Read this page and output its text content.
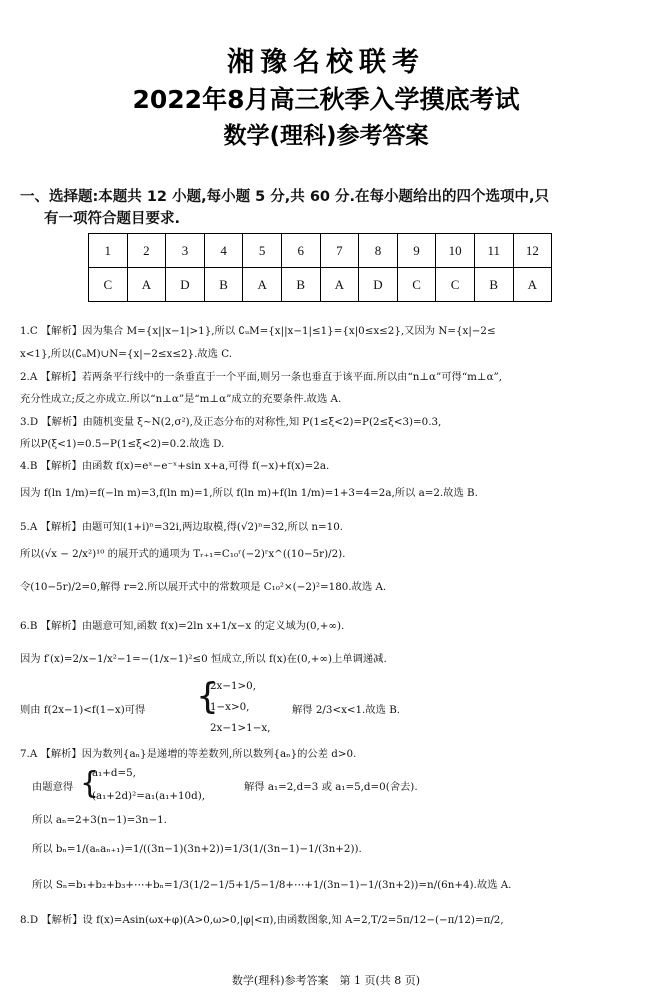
湘豫名校联考
2022年8月高三秋季入学摸底考试
数学(理科)参考答案
一、选择题:本题共 12 小题,每小题 5 分,共 60 分.在每小题给出的四个选项中,只
有一项符合题目要求.
1	2	3	4	5	6	7	8	9	10	11	12
C	A	D	B	A	B	A	D	C	C	B	A
1.C 【解析】因为集合 M={x||x−1|>1},所以 ∁ᵤM={x||x−1|≤1}={x|0≤x≤2},又因为 N={x|−2≤
x<1},所以(∁ᵤM)∪N={x|−2≤x≤2}.故选 C.
2.A 【解析】若两条平行线中的一条垂直于一个平面,则另一条也垂直于该平面.所以由“n⊥α”可得“m⊥α”,
充分性成立;反之亦成立.所以“n⊥α”是“m⊥α”成立的充要条件.故选 A.
3.D 【解析】由随机变量 ξ∼N(2,σ²),及正态分布的对称性,知 P(1≤ξ<2)=P(2≤ξ<3)=0.3,
所以P(ξ<1)=0.5−P(1≤ξ<2)=0.2.故选 D.
4.B 【解析】由函数 f(x)=eˣ−e⁻ˣ+sin x+a,可得 f(−x)+f(x)=2a.
因为 f(ln 1/m)=f(−ln m)=3,f(ln m)=1,所以 f(ln m)+f(ln 1/m)=1+3=4=2a,所以 a=2.故选 B.
5.A 【解析】由题可知(1+i)ⁿ=32i,两边取模,得(√2)ⁿ=32,所以 n=10.
所以(√x − 2/x²)¹⁰ 的展开式的通项为 Tᵣ₊₁=C₁₀ʳ(−2)ʳx^((10−5r)/2).
令(10−5r)/2=0,解得 r=2.所以展开式中的常数项是 C₁₀²×(−2)²=180.故选 A.
6.B 【解析】由题意可知,函数 f(x)=2ln x+1/x−x 的定义域为(0,+∞).
因为 f′(x)=2/x−1/x²−1=−(1/x−1)²≤0 恒成立,所以 f(x)在(0,+∞)上单调递减.
则由 f(2x−1)<f(1−x)可得	{
2x−1>0,
1−x>0,
2x−1>1−x,
解得 2/3<x<1.故选 B.
7.A 【解析】因为数列{aₙ}是递增的等差数列,所以数列{aₙ}的公差 d>0.
由题意得 {
a₁+d=5,
(a₁+2d)²=a₁(a₁+10d),
解得 a₁=2,d=3 或 a₁=5,d=0(舍去).
所以 aₙ=2+3(n−1)=3n−1.
所以 bₙ=1/(aₙaₙ₊₁)=1/((3n−1)(3n+2))=1/3(1/(3n−1)−1/(3n+2)).
所以 Sₙ=b₁+b₂+b₃+⋯+bₙ=1/3(1/2−1/5+1/5−1/8+⋯+1/(3n−1)−1/(3n+2))=n/(6n+4).故选 A.
8.D 【解析】设 f(x)=Asin(ωx+φ)(A>0,ω>0,|φ|<π),由函数图象,知 A=2,T/2=5π/12−(−π/12)=π/2,
数学(理科)参考答案　第 1 页(共 8 页)
